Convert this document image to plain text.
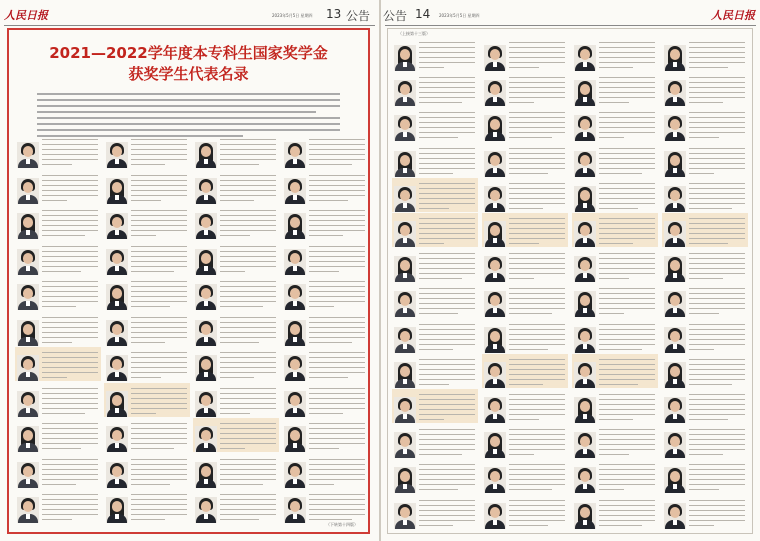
人民日报	2023年5月5日 星期四 13 公告
2021—2022学年度本专科生国家奖学金
获奖学生代表名录
（下转第十四版）
公告 14 2023年5月5日 星期四	人民日报
（上接第十三版）
